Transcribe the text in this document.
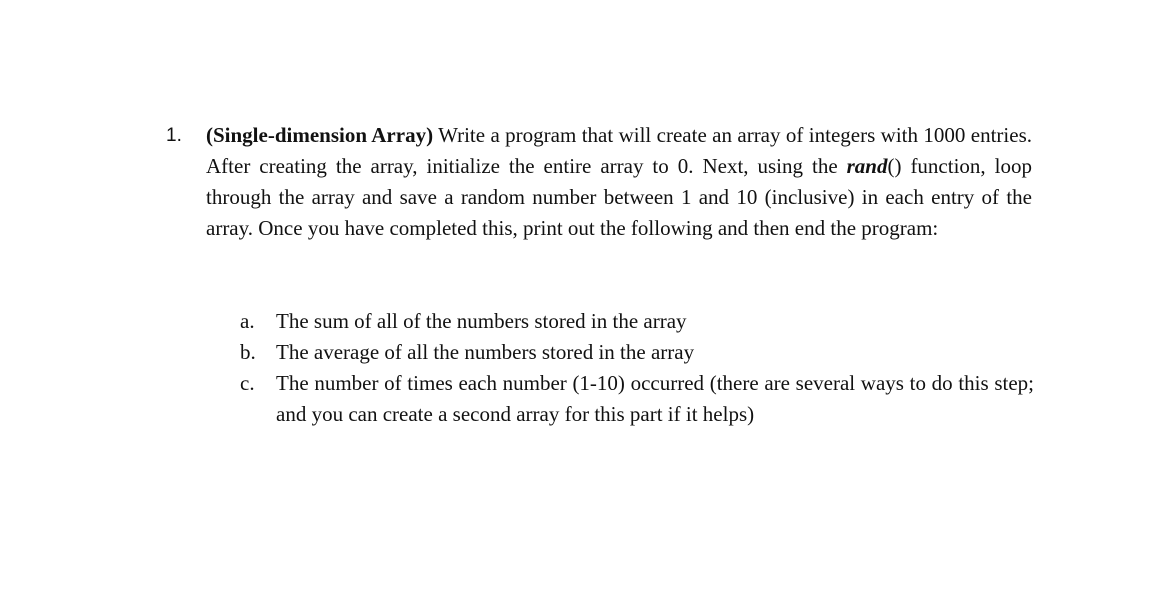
1. (Single-dimension Array) Write a program that will create an array of integers with 1000 entries. After creating the array, initialize the entire array to 0. Next, using the rand() function, loop through the array and save a random number between 1 and 10 (inclusive) in each entry of the array. Once you have completed this, print out the following and then end the program:
a. The sum of all of the numbers stored in the array
b. The average of all the numbers stored in the array
c. The number of times each number (1-10) occurred (there are several ways to do this step; and you can create a second array for this part if it helps)
